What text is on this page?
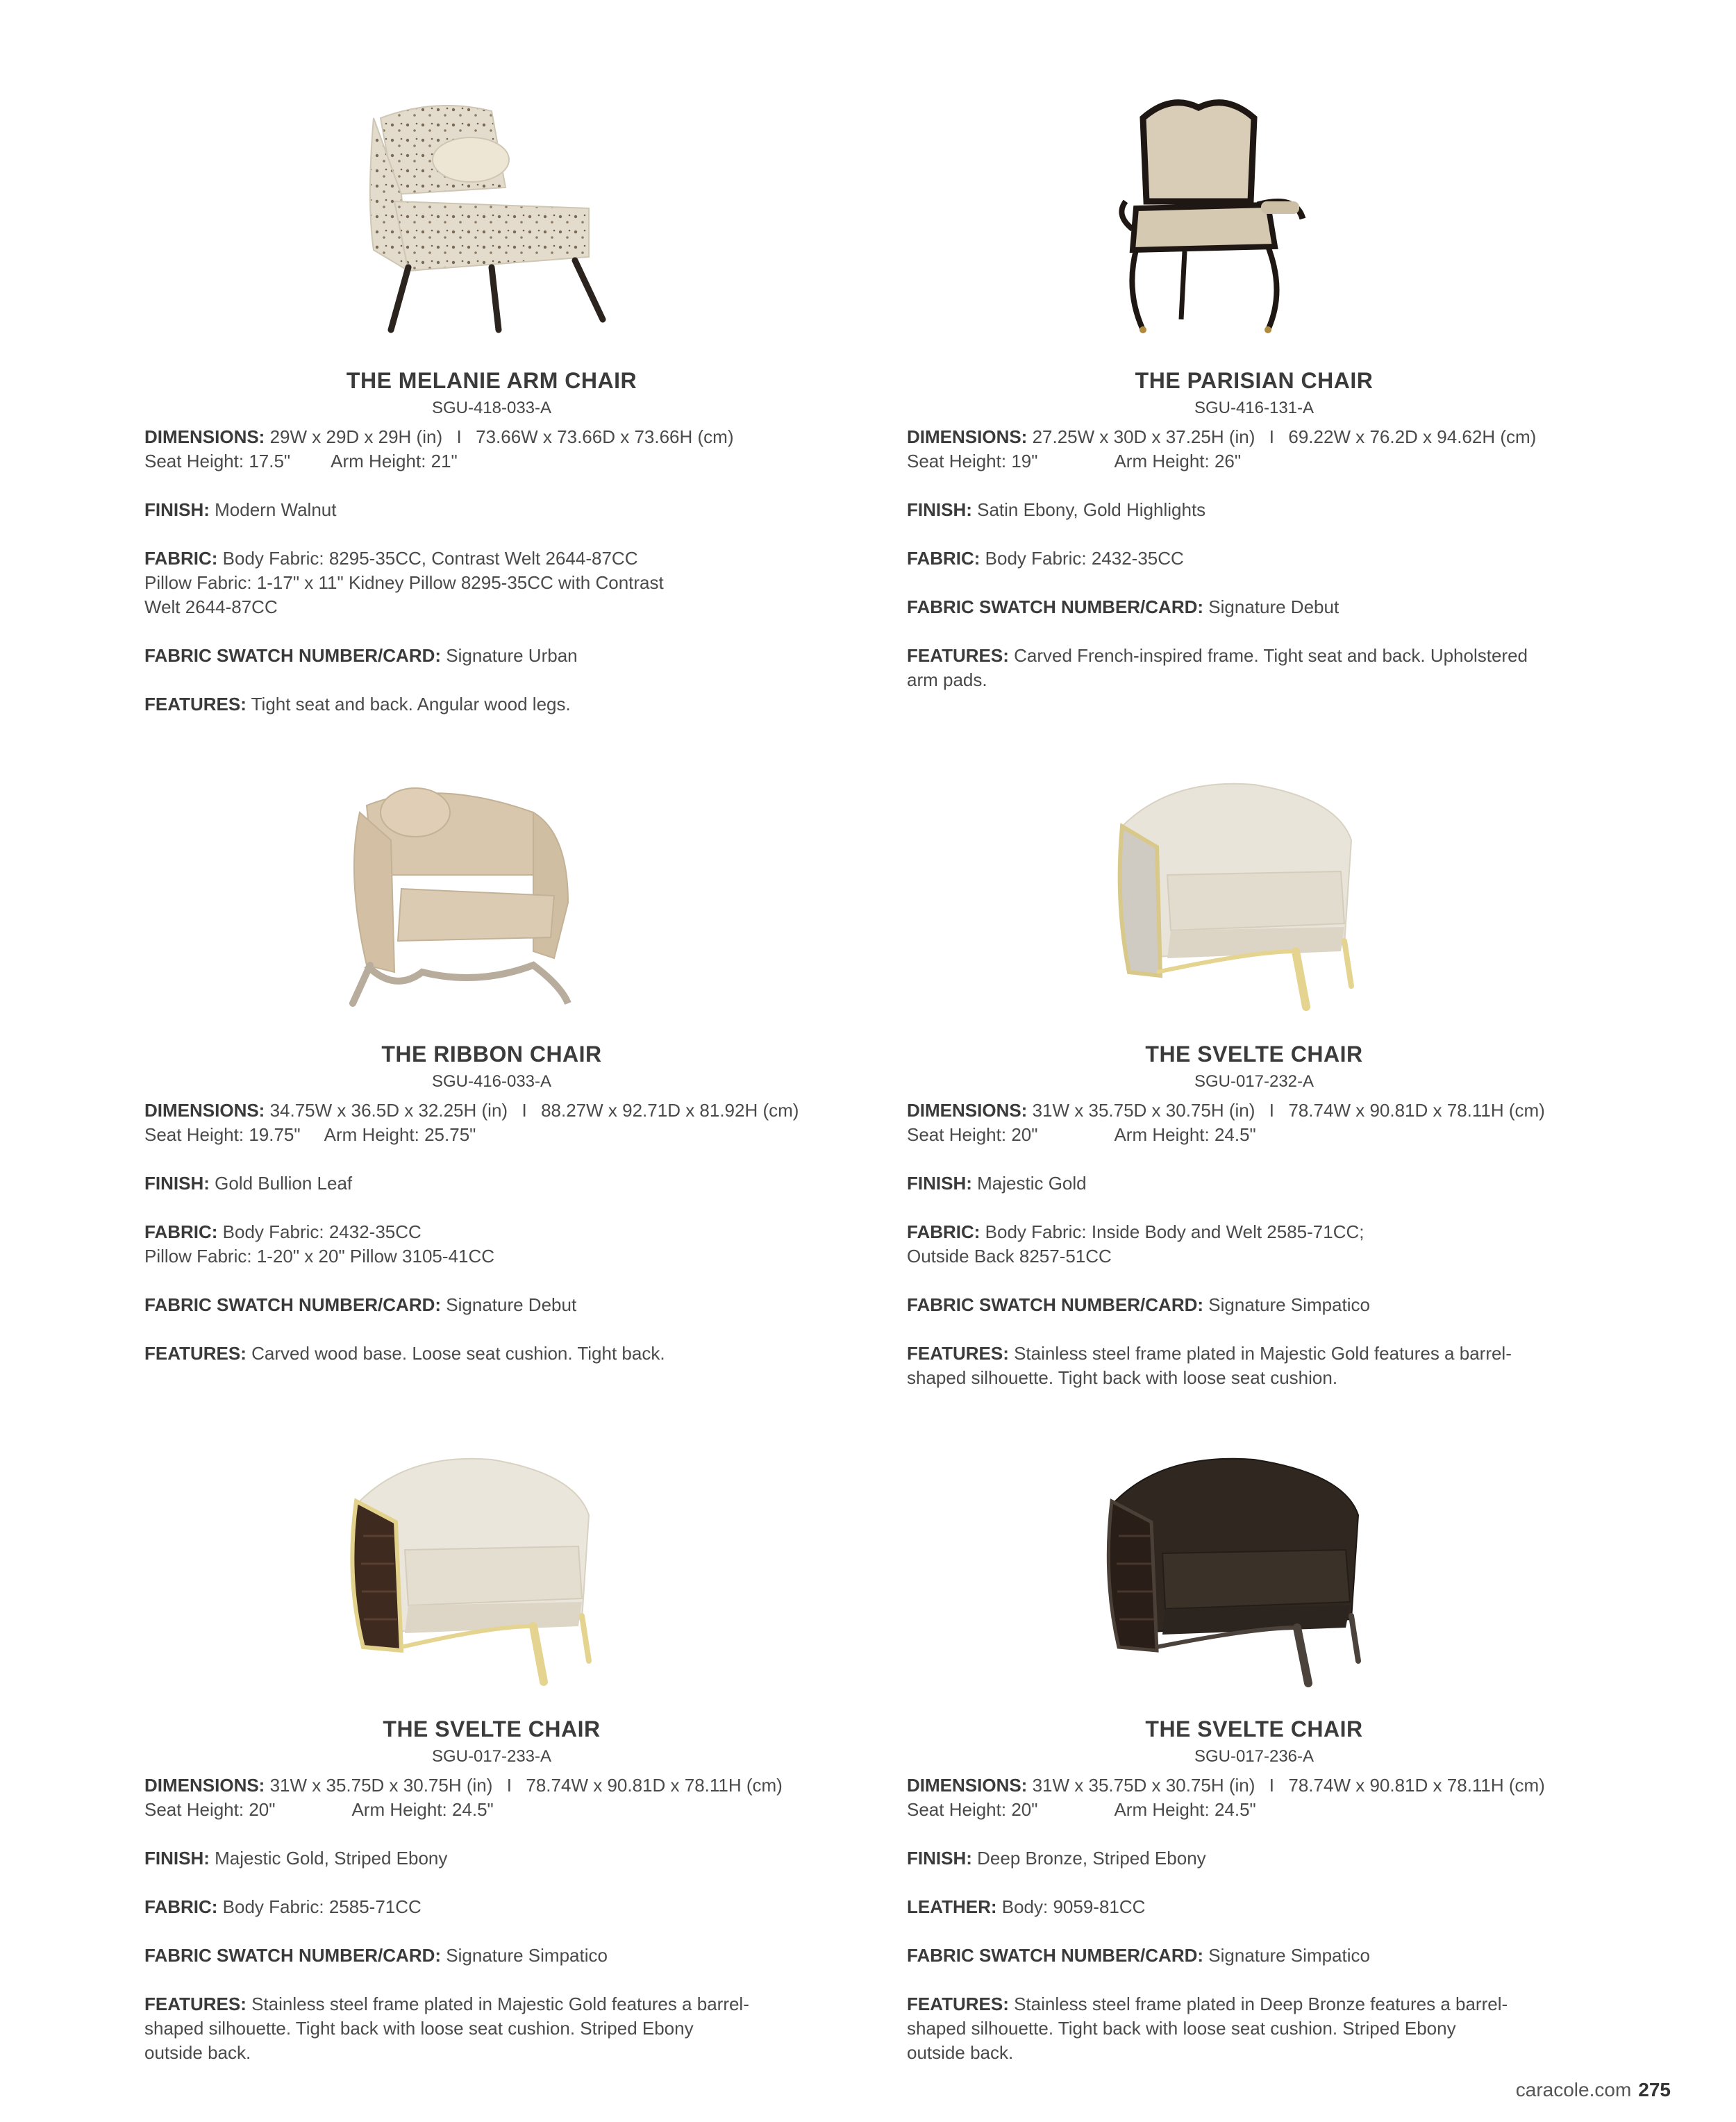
THE MELANIE ARM CHAIR
SGU-418-033-A

DIMENSIONS: 29W x 29D x 29H (in) I 73.66W x 73.66D x 73.66H (cm)
Seat Height: 17.5" Arm Height: 21"

FINISH: Modern Walnut

FABRIC: Body Fabric: 8295-35CC, Contrast Welt 2644-87CC
Pillow Fabric: 1-17" x 11" Kidney Pillow 8295-35CC with Contrast
Welt 2644-87CC

FABRIC SWATCH NUMBER/CARD: Signature Urban

FEATURES: Tight seat and back. Angular wood legs.

THE PARISIAN CHAIR
SGU-416-131-A

DIMENSIONS: 27.25W x 30D x 37.25H (in) I 69.22W x 76.2D x 94.62H (cm)
Seat Height: 19"	Arm Height: 26"

FINISH: Satin Ebony, Gold Highlights

FABRIC: Body Fabric: 2432-35CC

FABRIC SWATCH NUMBER/CARD: Signature Debut

FEATURES: Carved French-inspired frame. Tight seat and back. Upholstered
arm pads.

THE RIBBON CHAIR
SGU-416-033-A

DIMENSIONS: 34.75W x 36.5D x 32.25H (in) I 88.27W x 92.71D x 81.92H (cm)
Seat Height: 19.75" Arm Height: 25.75"

FINISH: Gold Bullion Leaf

FABRIC: Body Fabric: 2432-35CC
Pillow Fabric: 1-20" x 20" Pillow 3105-41CC

FABRIC SWATCH NUMBER/CARD: Signature Debut

FEATURES: Carved wood base. Loose seat cushion. Tight back.

THE SVELTE CHAIR
SGU-017-232-A

DIMENSIONS: 31W x 35.75D x 30.75H (in) I 78.74W x 90.81D x 78.11H (cm)
Seat Height: 20"	Arm Height: 24.5"

FINISH: Majestic Gold

FABRIC: Body Fabric: Inside Body and Welt 2585-71CC;
Outside Back 8257-51CC

FABRIC SWATCH NUMBER/CARD: Signature Simpatico

FEATURES: Stainless steel frame plated in Majestic Gold features a barrel-
shaped silhouette. Tight back with loose seat cushion.

THE SVELTE CHAIR
SGU-017-233-A

DIMENSIONS: 31W x 35.75D x 30.75H (in) I 78.74W x 90.81D x 78.11H (cm)
Seat Height: 20"	Arm Height: 24.5"

FINISH: Majestic Gold, Striped Ebony

FABRIC: Body Fabric: 2585-71CC

FABRIC SWATCH NUMBER/CARD: Signature Simpatico

FEATURES: Stainless steel frame plated in Majestic Gold features a barrel-
shaped silhouette. Tight back with loose seat cushion. Striped Ebony
outside back.

THE SVELTE CHAIR
SGU-017-236-A

DIMENSIONS: 31W x 35.75D x 30.75H (in) I 78.74W x 90.81D x 78.11H (cm)
Seat Height: 20"	Arm Height: 24.5"

FINISH: Deep Bronze, Striped Ebony

LEATHER: Body: 9059-81CC

FABRIC SWATCH NUMBER/CARD: Signature Simpatico

FEATURES: Stainless steel frame plated in Deep Bronze features a barrel-
shaped silhouette. Tight back with loose seat cushion. Striped Ebony
outside back.

caracole.com 275
